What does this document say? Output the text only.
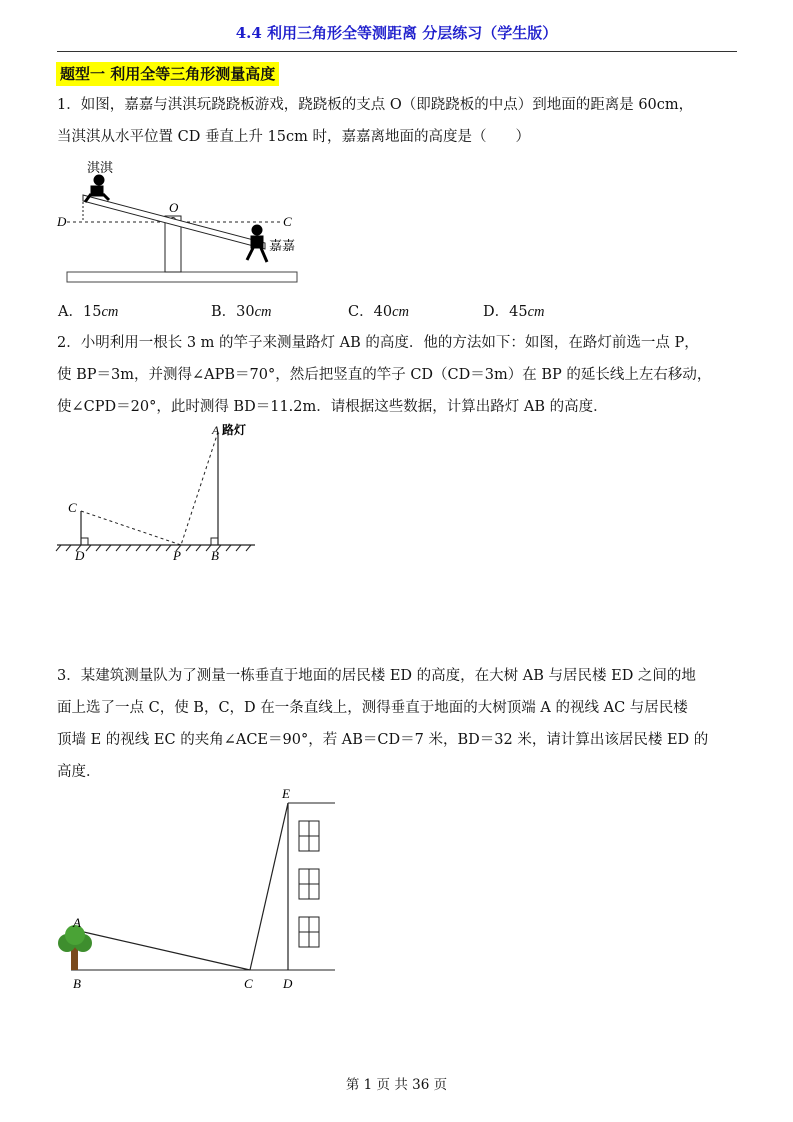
4.4 利用三角形全等测距离 分层练习（学生版）
题型一 利用全等三角形测量高度
1．如图，嘉嘉与淇淇玩跷跷板游戏，跷跷板的支点 O（即跷跷板的中点）到地面的距离是 60cm，
当淇淇从水平位置 CD 垂直上升 15cm 时，嘉嘉离地面的高度是（　　）
淇淇
嘉嘉
O
D	C
A．15cm	B．30cm	C．40cm	D．45cm
2．小明利用一根长 3 m 的竿子来测量路灯 AB 的高度．他的方法如下：如图，在路灯前选一点 P，
使 BP＝3m，并测得∠APB＝70°，然后把竖直的竿子 CD（CD＝3m）在 BP 的延长线上左右移动，
使∠CPD＝20°，此时测得 BD＝11.2m．请根据这些数据，计算出路灯 AB 的高度．
A 路灯
C
D	P B
3．某建筑测量队为了测量一栋垂直于地面的居民楼 ED 的高度，在大树 AB 与居民楼 ED 之间的地
面上选了一点 C，使 B，C，D 在一条直线上，测得垂直于地面的大树顶端 A 的视线 AC 与居民楼
顶墙 E 的视线 EC 的夹角∠ACE＝90°，若 AB＝CD＝7 米，BD＝32 米，请计算出该居民楼 ED 的
高度．
E
A
B	C D
第 1 页 共 36 页
